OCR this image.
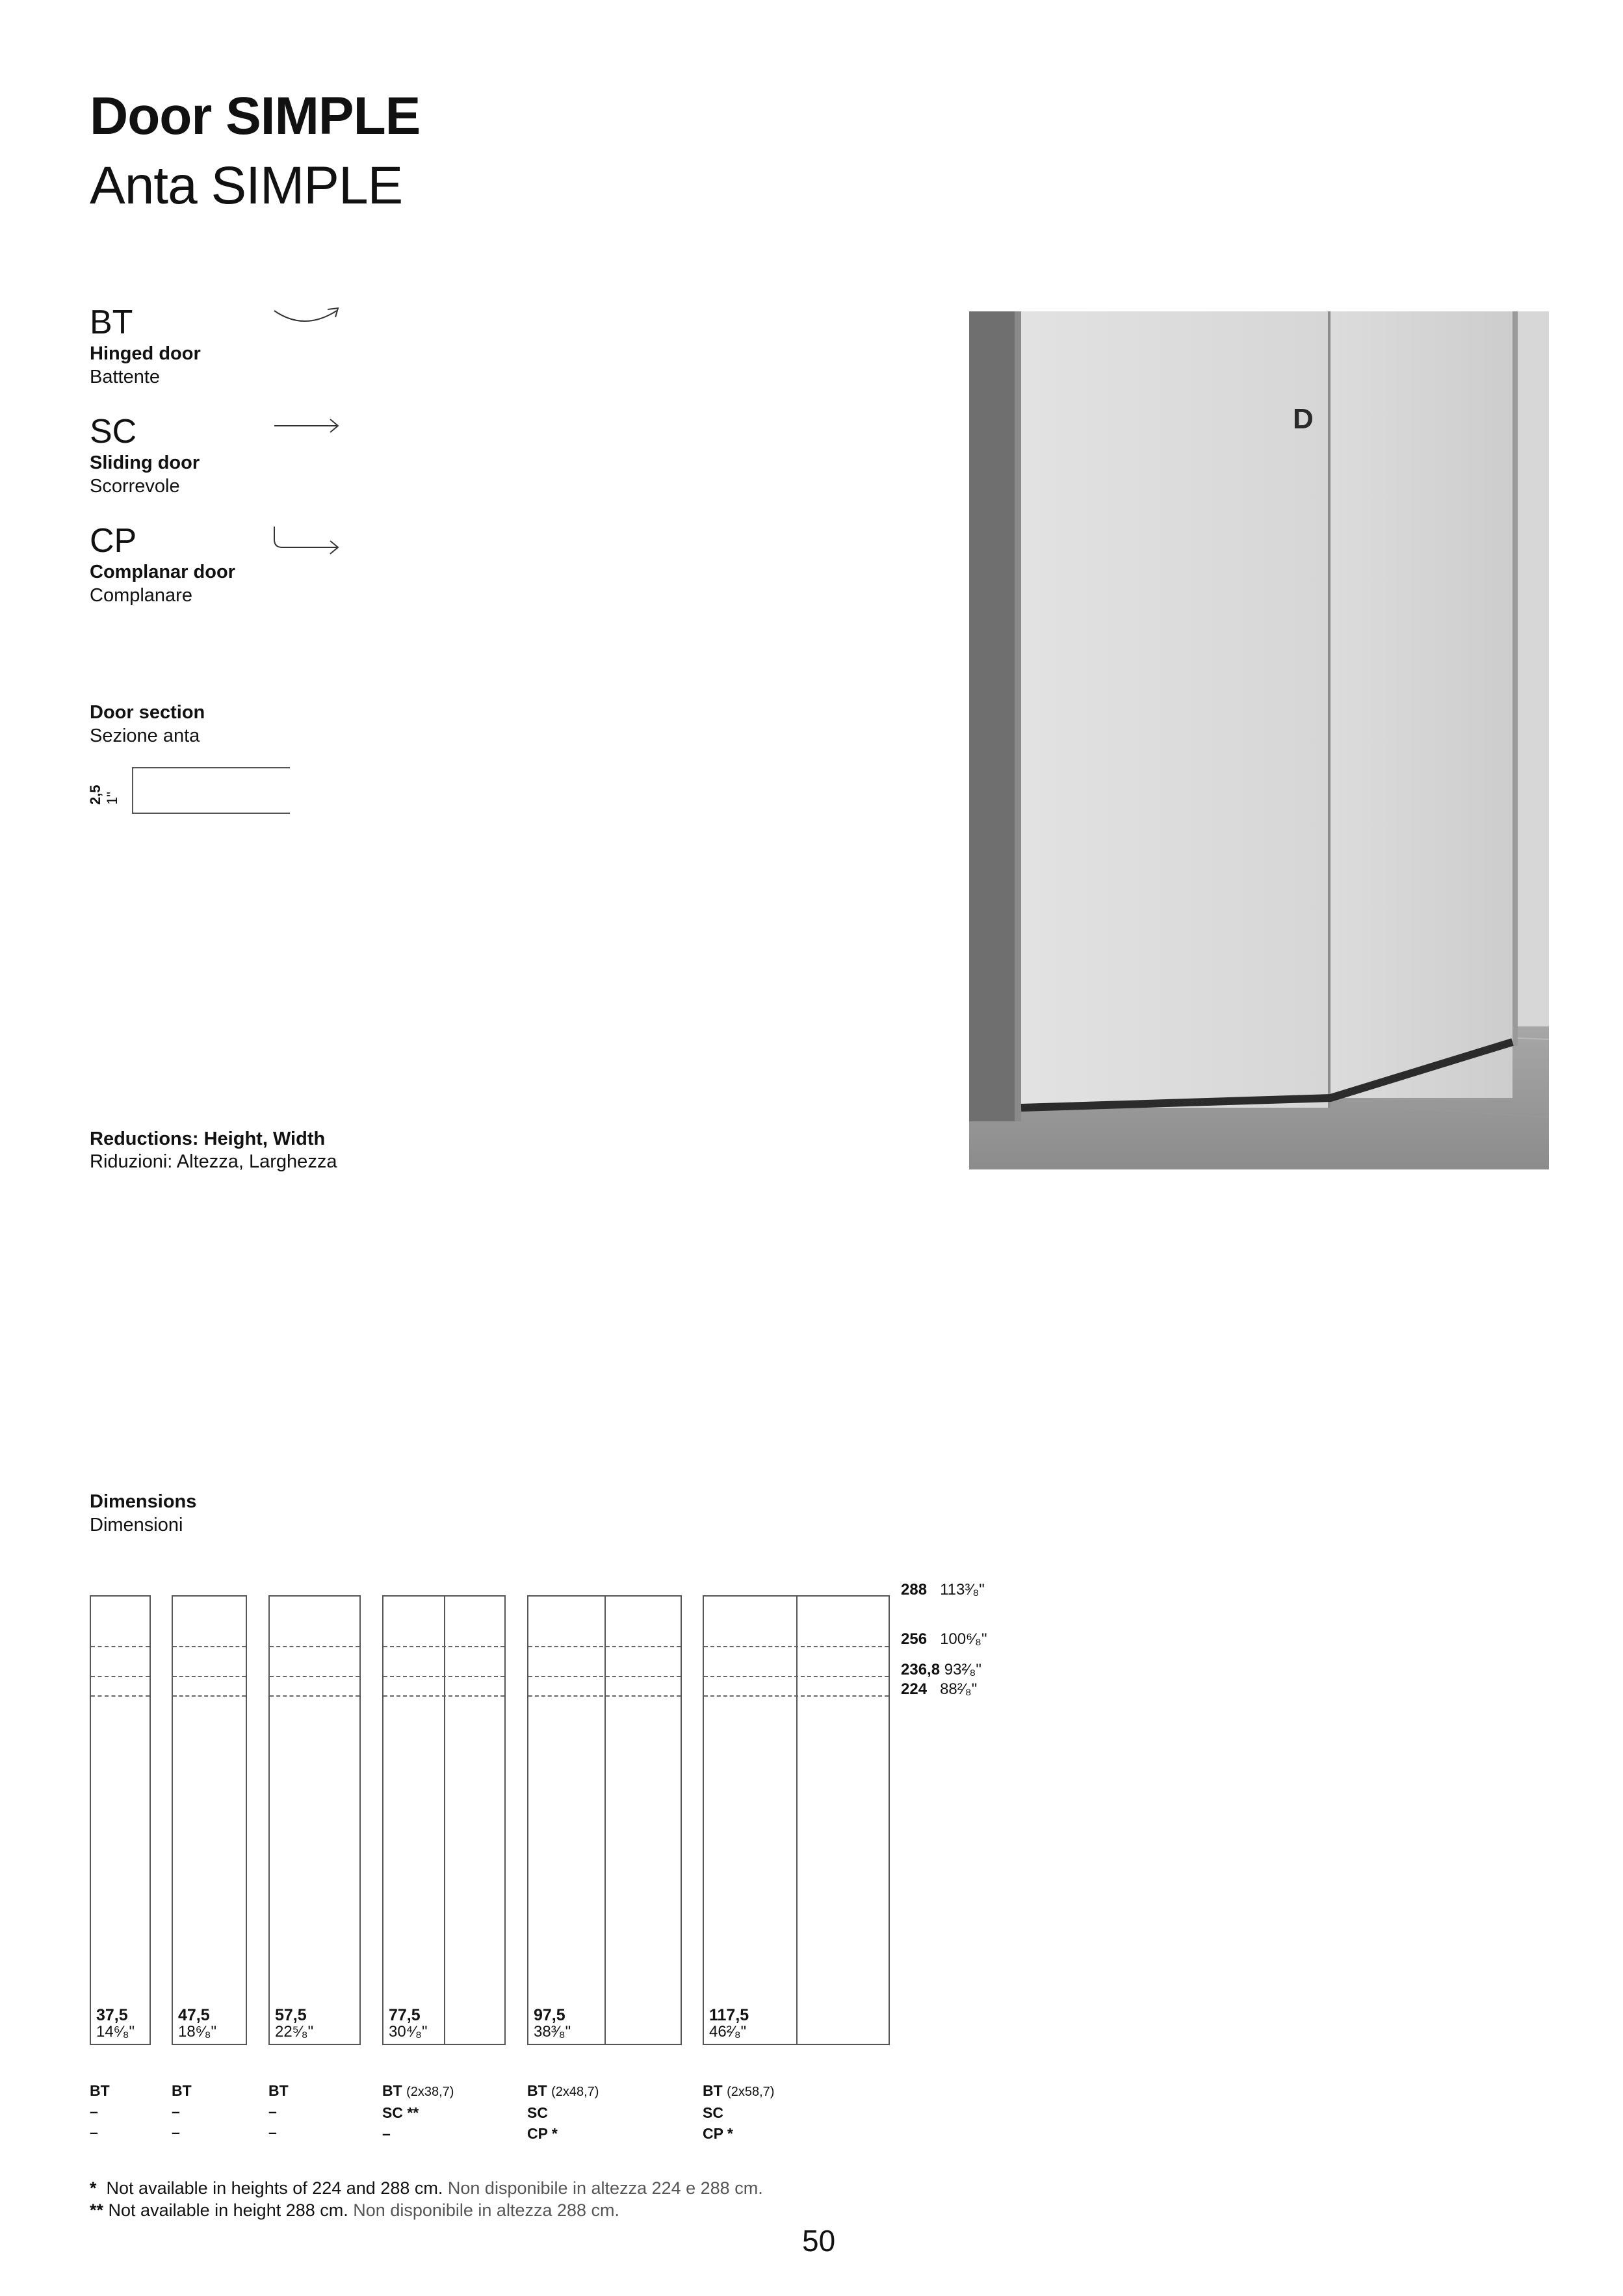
Door SIMPLE
Anta SIMPLE
BT
Hinged door
Battente
SC
Sliding door
Scorrevole
CP
Complanar door
Complanare
Door section
Sezione anta
2,5 1"
Reductions: Height, Width
Riduzioni: Altezza, Larghezza
D
Dimensions
Dimensioni
37,5
14⁶⁄₈"
47,5
18⁶⁄₈"
57,5
22⁵⁄₈"
77,5
30⁴⁄₈"
97,5
38³⁄₈"
117,5
46²⁄₈"
288 113³⁄₈"
256 100⁶⁄₈"
236,8 93²⁄₈"
224 88²⁄₈"
BT
–
–
BT
–
–
BT
–
–
BT (2x38,7)
SC **
–
BT (2x48,7)
SC
CP *
BT (2x58,7)
SC
CP *
* Not available in heights of 224 and 288 cm. Non disponibile in altezza 224 e 288 cm.
** Not available in height 288 cm. Non disponibile in altezza 288 cm.
50
